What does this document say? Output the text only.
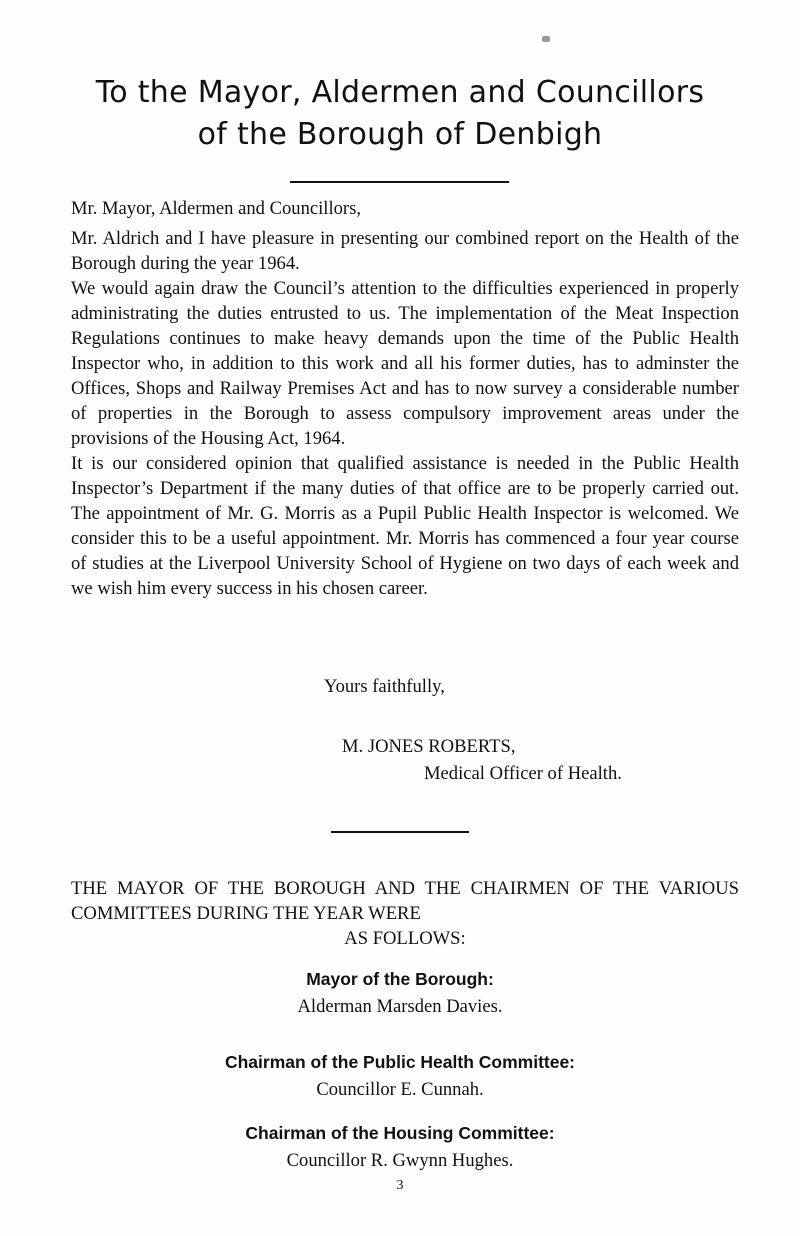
To the Mayor, Aldermen and Councillors
of the Borough of Denbigh
Mr. Mayor, Aldermen and Councillors,
Mr. Aldrich and I have pleasure in presenting our combined report on the Health of the Borough during the year 1964.
We would again draw the Council’s attention to the difficulties experienced in properly administrating the duties entrusted to us. The implementation of the Meat Inspection Regulations continues to make heavy demands upon the time of the Public Health Inspector who, in addition to this work and all his former duties, has to adminster the Offices, Shops and Railway Premises Act and has to now survey a considerable number of properties in the Borough to assess compulsory improvement areas under the provisions of the Housing Act, 1964.
It is our considered opinion that qualified assistance is needed in the Public Health Inspector’s Department if the many duties of that office are to be properly carried out. The appointment of Mr. G. Morris as a Pupil Public Health Inspector is welcomed. We consider this to be a useful appointment. Mr. Morris has commenced a four year course of studies at the Liverpool University School of Hygiene on two days of each week and we wish him every success in his chosen career.
Yours faithfully,
M. JONES ROBERTS,
Medical Officer of Health.
THE MAYOR OF THE BOROUGH AND THE CHAIRMEN OF THE VARIOUS COMMITTEES DURING THE YEAR WERE
AS FOLLOWS:
Mayor of the Borough:
Alderman Marsden Davies.
Chairman of the Public Health Committee:
Councillor E. Cunnah.
Chairman of the Housing Committee:
Councillor R. Gwynn Hughes.
3
